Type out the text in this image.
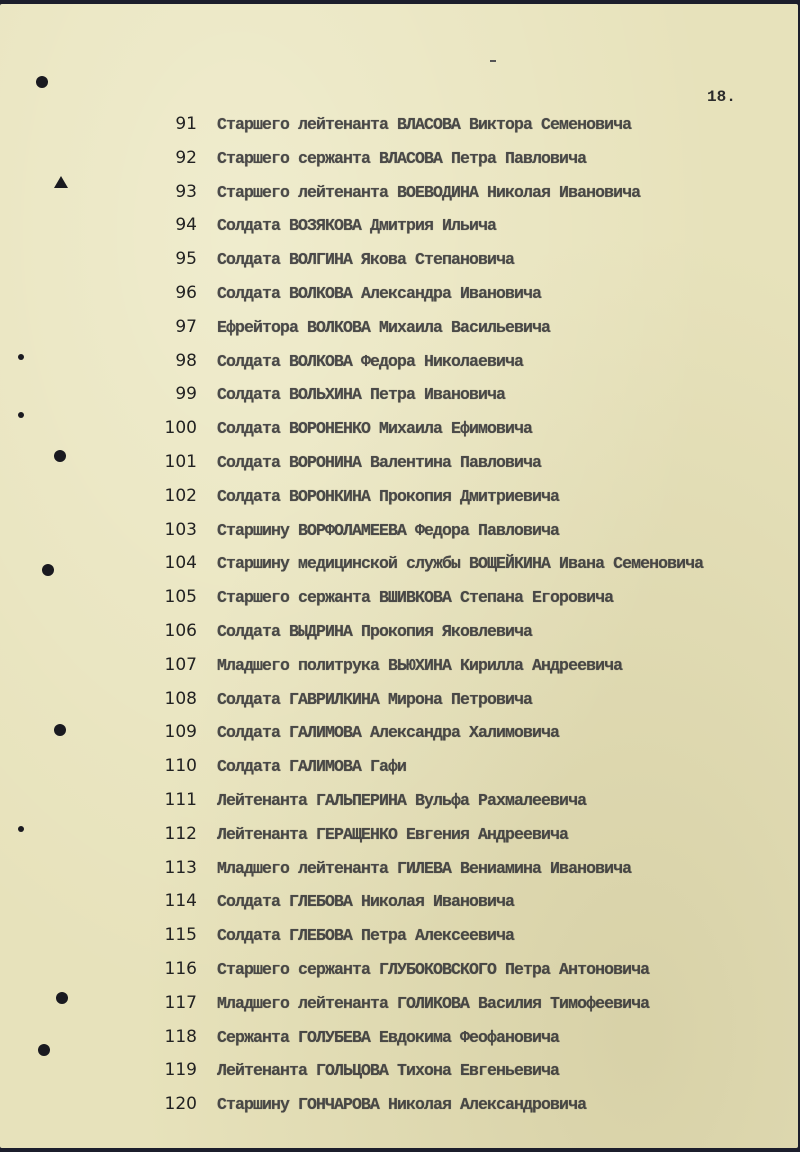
18.
91 Старшего лейтенанта ВЛАСОВА Виктора Семеновича
92 Старшего сержанта ВЛАСОВА Петра Павловича
93 Старшего лейтенанта ВОЕВОДИНА Николая Ивановича
94 Солдата ВОЗЯКОВА Дмитрия Ильича
95 Солдата ВОЛГИНА Якова Степановича
96 Солдата ВОЛКОВА Александра Ивановича
97 Ефрейтора ВОЛКОВА Михаила Васильевича
98 Солдата ВОЛКОВА Федора Николаевича
99 Солдата ВОЛЬХИНА Петра Ивановича
100 Солдата ВОРОНЕНКО Михаила Ефимовича
101 Солдата ВОРОНИНА Валентина Павловича
102 Солдата ВОРОНКИНА Прокопия Дмитриевича
103 Старшину ВОРФОЛАМЕЕВА Федора Павловича
104 Старшину медицинской службы ВОЩЕЙКИНА Ивана Семеновича
105 Старшего сержанта ВШИВКОВА Степана Егоровича
106 Солдата ВЫДРИНА Прокопия Яковлевича
107 Младшего политрука ВЬЮХИНА Кирилла Андреевича
108 Солдата ГАВРИЛКИНА Мирона Петровича
109 Солдата ГАЛИМОВА Александра Халимовича
110 Солдата ГАЛИМОВА Гафи
111 Лейтенанта ГАЛЬПЕРИНА Вульфа Рахмалеевича
112 Лейтенанта ГЕРАЩЕНКО Евгения Андреевича
113 Младшего лейтенанта ГИЛЕВА Вениамина Ивановича
114 Солдата ГЛЕБОВА Николая Ивановича
115 Солдата ГЛЕБОВА Петра Алексеевича
116 Старшего сержанта ГЛУБОКОВСКОГО Петра Антоновича
117 Младшего лейтенанта ГОЛИКОВА Василия Тимофеевича
118 Сержанта ГОЛУБЕВА Евдокима Феофановича
119 Лейтенанта ГОЛЬЦОВА Тихона Евгеньевича
120 Старшину ГОНЧАРОВА Николая Александровича
